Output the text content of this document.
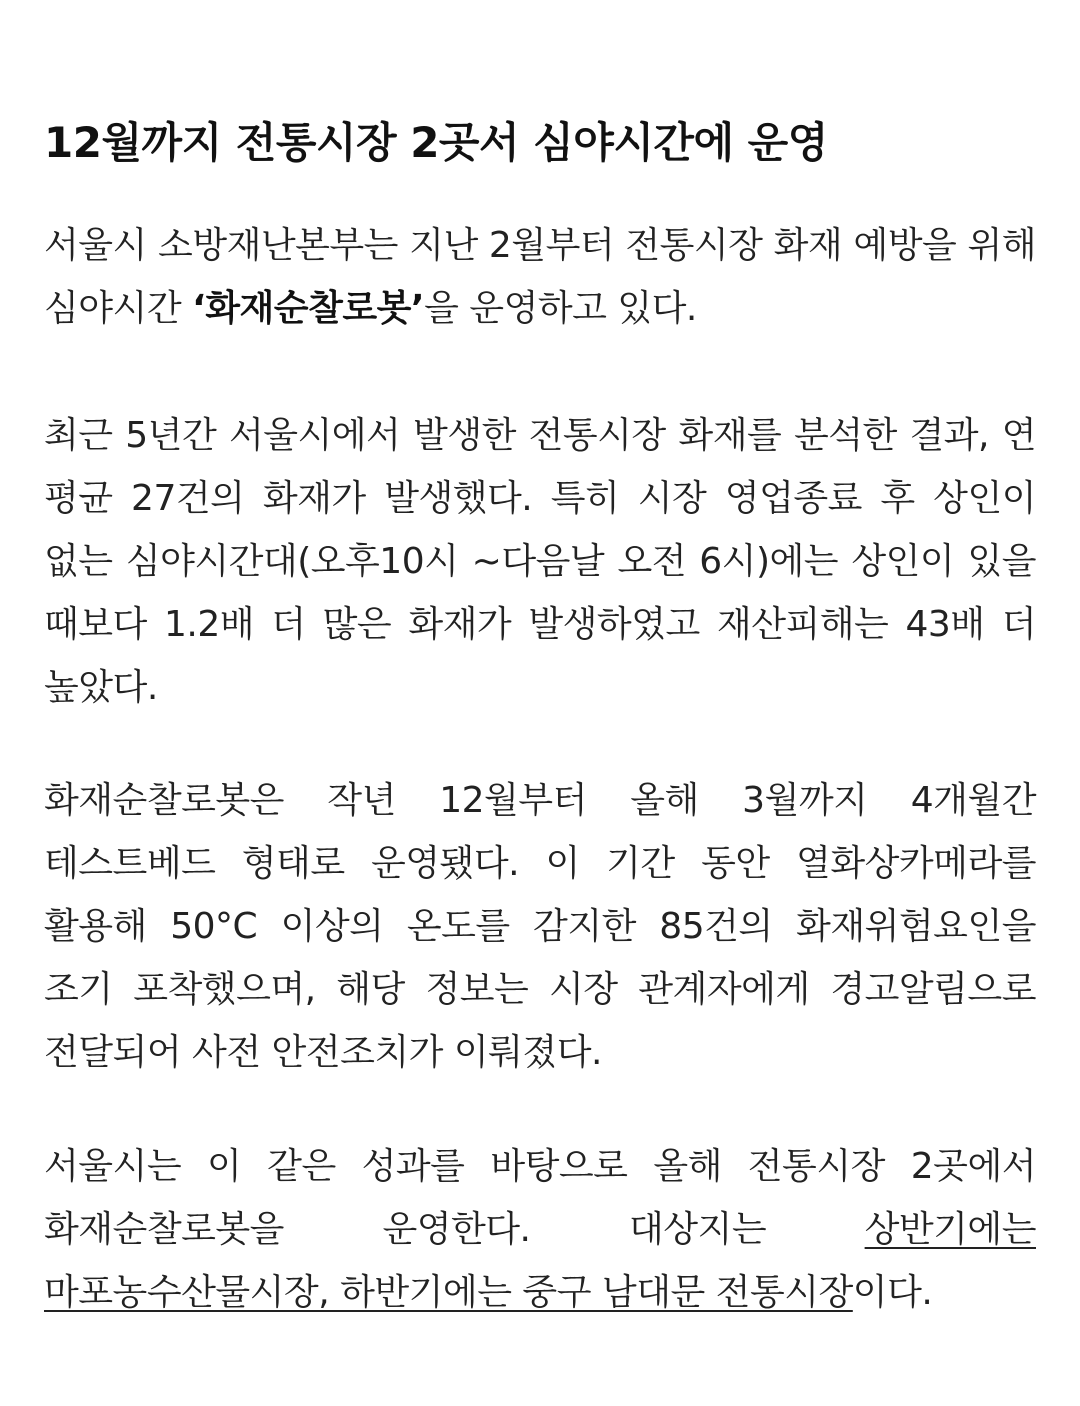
12월까지 전통시장 2곳서 심야시간에 운영

서울시 소방재난본부는 지난 2월부터 전통시장 화재 예방을 위해 심야시간 ‘화재순찰로봇’을 운영하고 있다.

최근 5년간 서울시에서 발생한 전통시장 화재를 분석한 결과, 연 평균 27건의 화재가 발생했다. 특히 시장 영업종료 후 상인이 없는 심야시간대(오후10시 ~다음날 오전 6시)에는 상인이 있을 때보다 1.2배 더 많은 화재가 발생하였고 재산피해는 43배 더 높았다.

화재순찰로봇은 작년 12월부터 올해 3월까지 4개월간 테스트베드 형태로 운영됐다. 이 기간 동안 열화상카메라를 활용해 50°C 이상의 온도를 감지한 85건의 화재위험요인을 조기 포착했으며, 해당 정보는 시장 관계자에게 경고알림으로 전달되어 사전 안전조치가 이뤄졌다.

서울시는 이 같은 성과를 바탕으로 올해 전통시장 2곳에서 화재순찰로봇을 운영한다. 대상지는 상반기에는 마포농수산물시장, 하반기에는 중구 남대문 전통시장이다.
